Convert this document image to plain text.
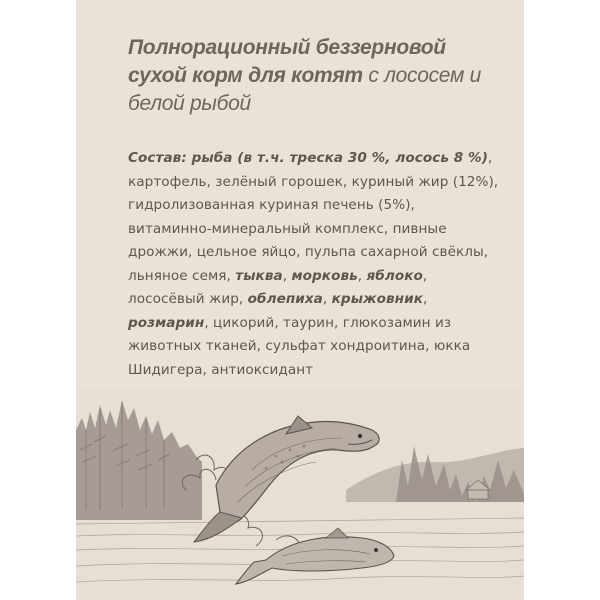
Полнорационный беззерновой сухой корм для котят с лососем и белой рыбой

Состав: рыба (в т.ч. треска 30 %, лосось 8 %), картофель, зелёный горошек, куриный жир (12%), гидролизованная куриная печень (5%), витаминно-минеральный комплекс, пивные дрожжи, цельное яйцо, пульпа сахарной свёклы, льняное семя, тыква, морковь, яблоко, лососёвый жир, облепиха, крыжовник, розмарин, цикорий, таурин, глюкозамин из животных тканей, сульфат хондроитина, юкка Шидигера, антиоксидант
